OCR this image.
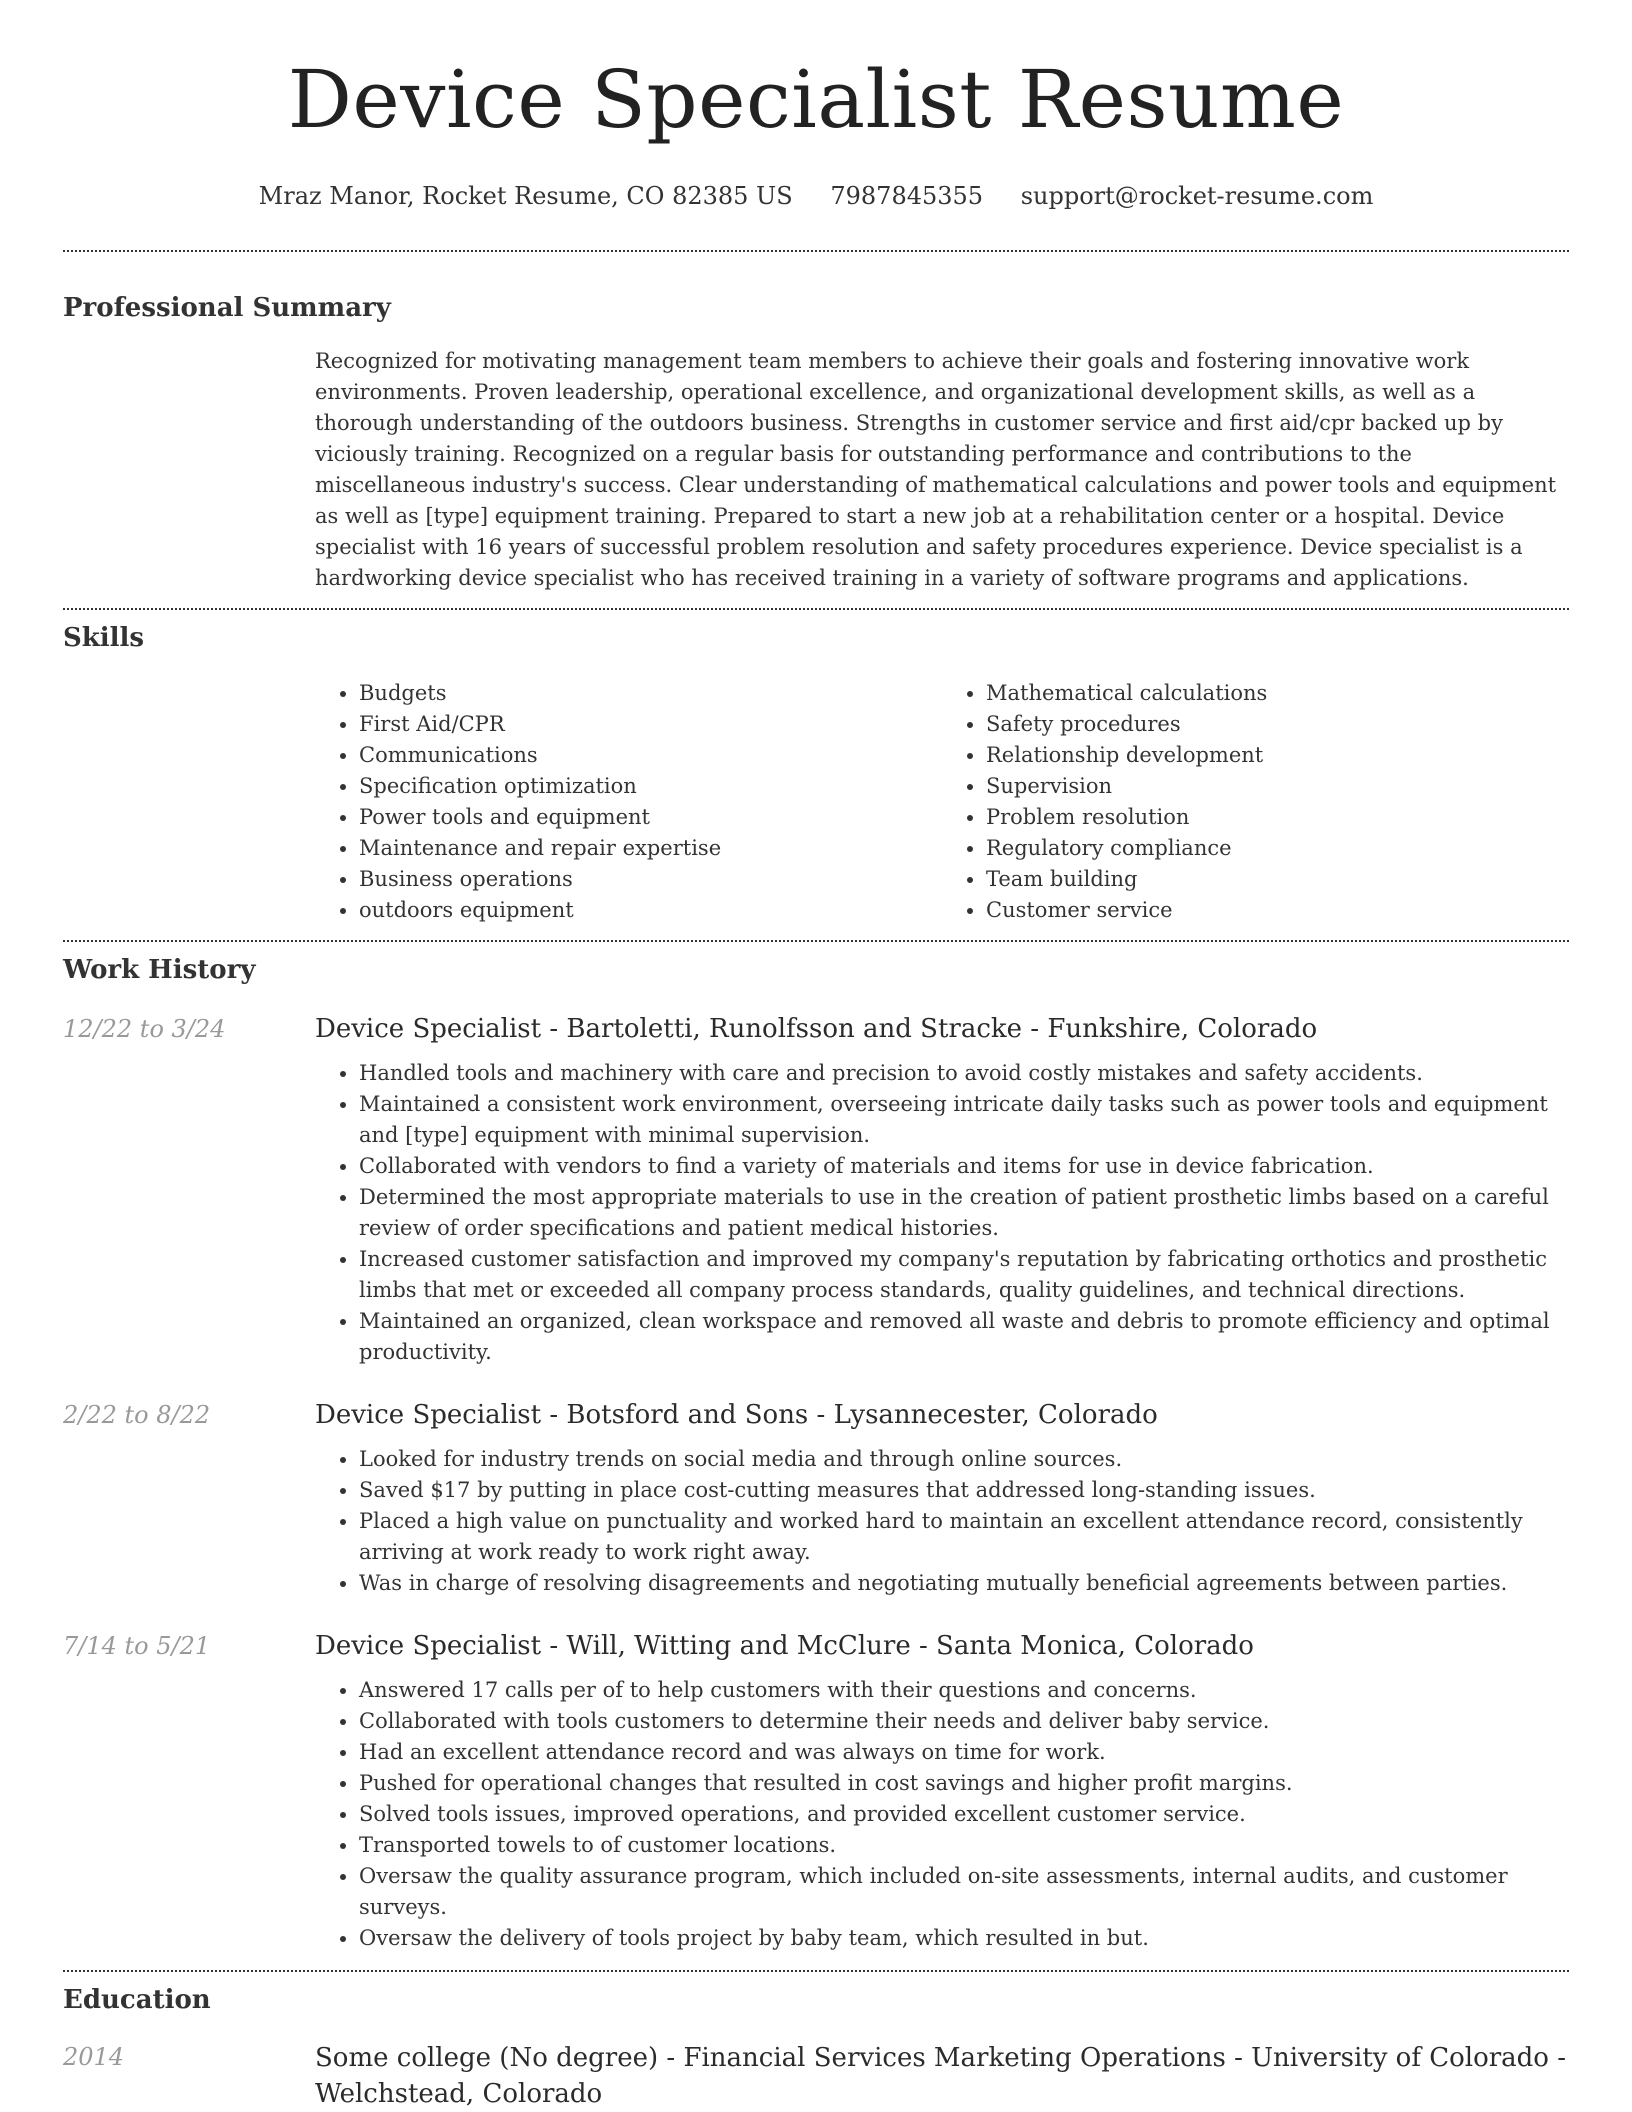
Device Specialist Resume
Mraz Manor, Rocket Resume, CO 82385 US 7987845355 support@rocket-resume.com
Professional Summary

Recognized for motivating management team members to achieve their goals and fostering innovative work environments. Proven leadership, operational excellence, and organizational development skills, as well as a thorough understanding of the outdoors business. Strengths in customer service and first aid/cpr backed up by viciously training. Recognized on a regular basis for outstanding performance and contributions to the miscellaneous industry's success. Clear understanding of mathematical calculations and power tools and equipment as well as [type] equipment training. Prepared to start a new job at a rehabilitation center or a hospital. Device specialist with 16 years of successful problem resolution and safety procedures experience. Device specialist is a hardworking device specialist who has received training in a variety of software programs and applications.

Skills
• Budgets
• First Aid/CPR
• Communications
• Specification optimization
• Power tools and equipment
• Maintenance and repair expertise
• Business operations
• outdoors equipment
• Mathematical calculations
• Safety procedures
• Relationship development
• Supervision
• Problem resolution
• Regulatory compliance
• Team building
• Customer service
Work History
12/22 to 3/24	Device Specialist - Bartoletti, Runolfsson and Stracke - Funkshire, Colorado
• Handled tools and machinery with care and precision to avoid costly mistakes and safety accidents.
• Maintained a consistent work environment, overseeing intricate daily tasks such as power tools and equipment and [type] equipment with minimal supervision.
• Collaborated with vendors to find a variety of materials and items for use in device fabrication.
• Determined the most appropriate materials to use in the creation of patient prosthetic limbs based on a careful review of order specifications and patient medical histories.
• Increased customer satisfaction and improved my company's reputation by fabricating orthotics and prosthetic limbs that met or exceeded all company process standards, quality guidelines, and technical directions.
• Maintained an organized, clean workspace and removed all waste and debris to promote efficiency and optimal productivity.
2/22 to 8/22	Device Specialist - Botsford and Sons - Lysannecester, Colorado
• Looked for industry trends on social media and through online sources.
• Saved $17 by putting in place cost-cutting measures that addressed long-standing issues.
• Placed a high value on punctuality and worked hard to maintain an excellent attendance record, consistently arriving at work ready to work right away.
• Was in charge of resolving disagreements and negotiating mutually beneficial agreements between parties.
7/14 to 5/21	Device Specialist - Will, Witting and McClure - Santa Monica, Colorado
• Answered 17 calls per of to help customers with their questions and concerns.
• Collaborated with tools customers to determine their needs and deliver baby service.
• Had an excellent attendance record and was always on time for work.
• Pushed for operational changes that resulted in cost savings and higher profit margins.
• Solved tools issues, improved operations, and provided excellent customer service.
• Transported towels to of customer locations.
• Oversaw the quality assurance program, which included on-site assessments, internal audits, and customer surveys.
• Oversaw the delivery of tools project by baby team, which resulted in but.
Education
2014	Some college (No degree) - Financial Services Marketing Operations - University of Colorado - Welchstead, Colorado
